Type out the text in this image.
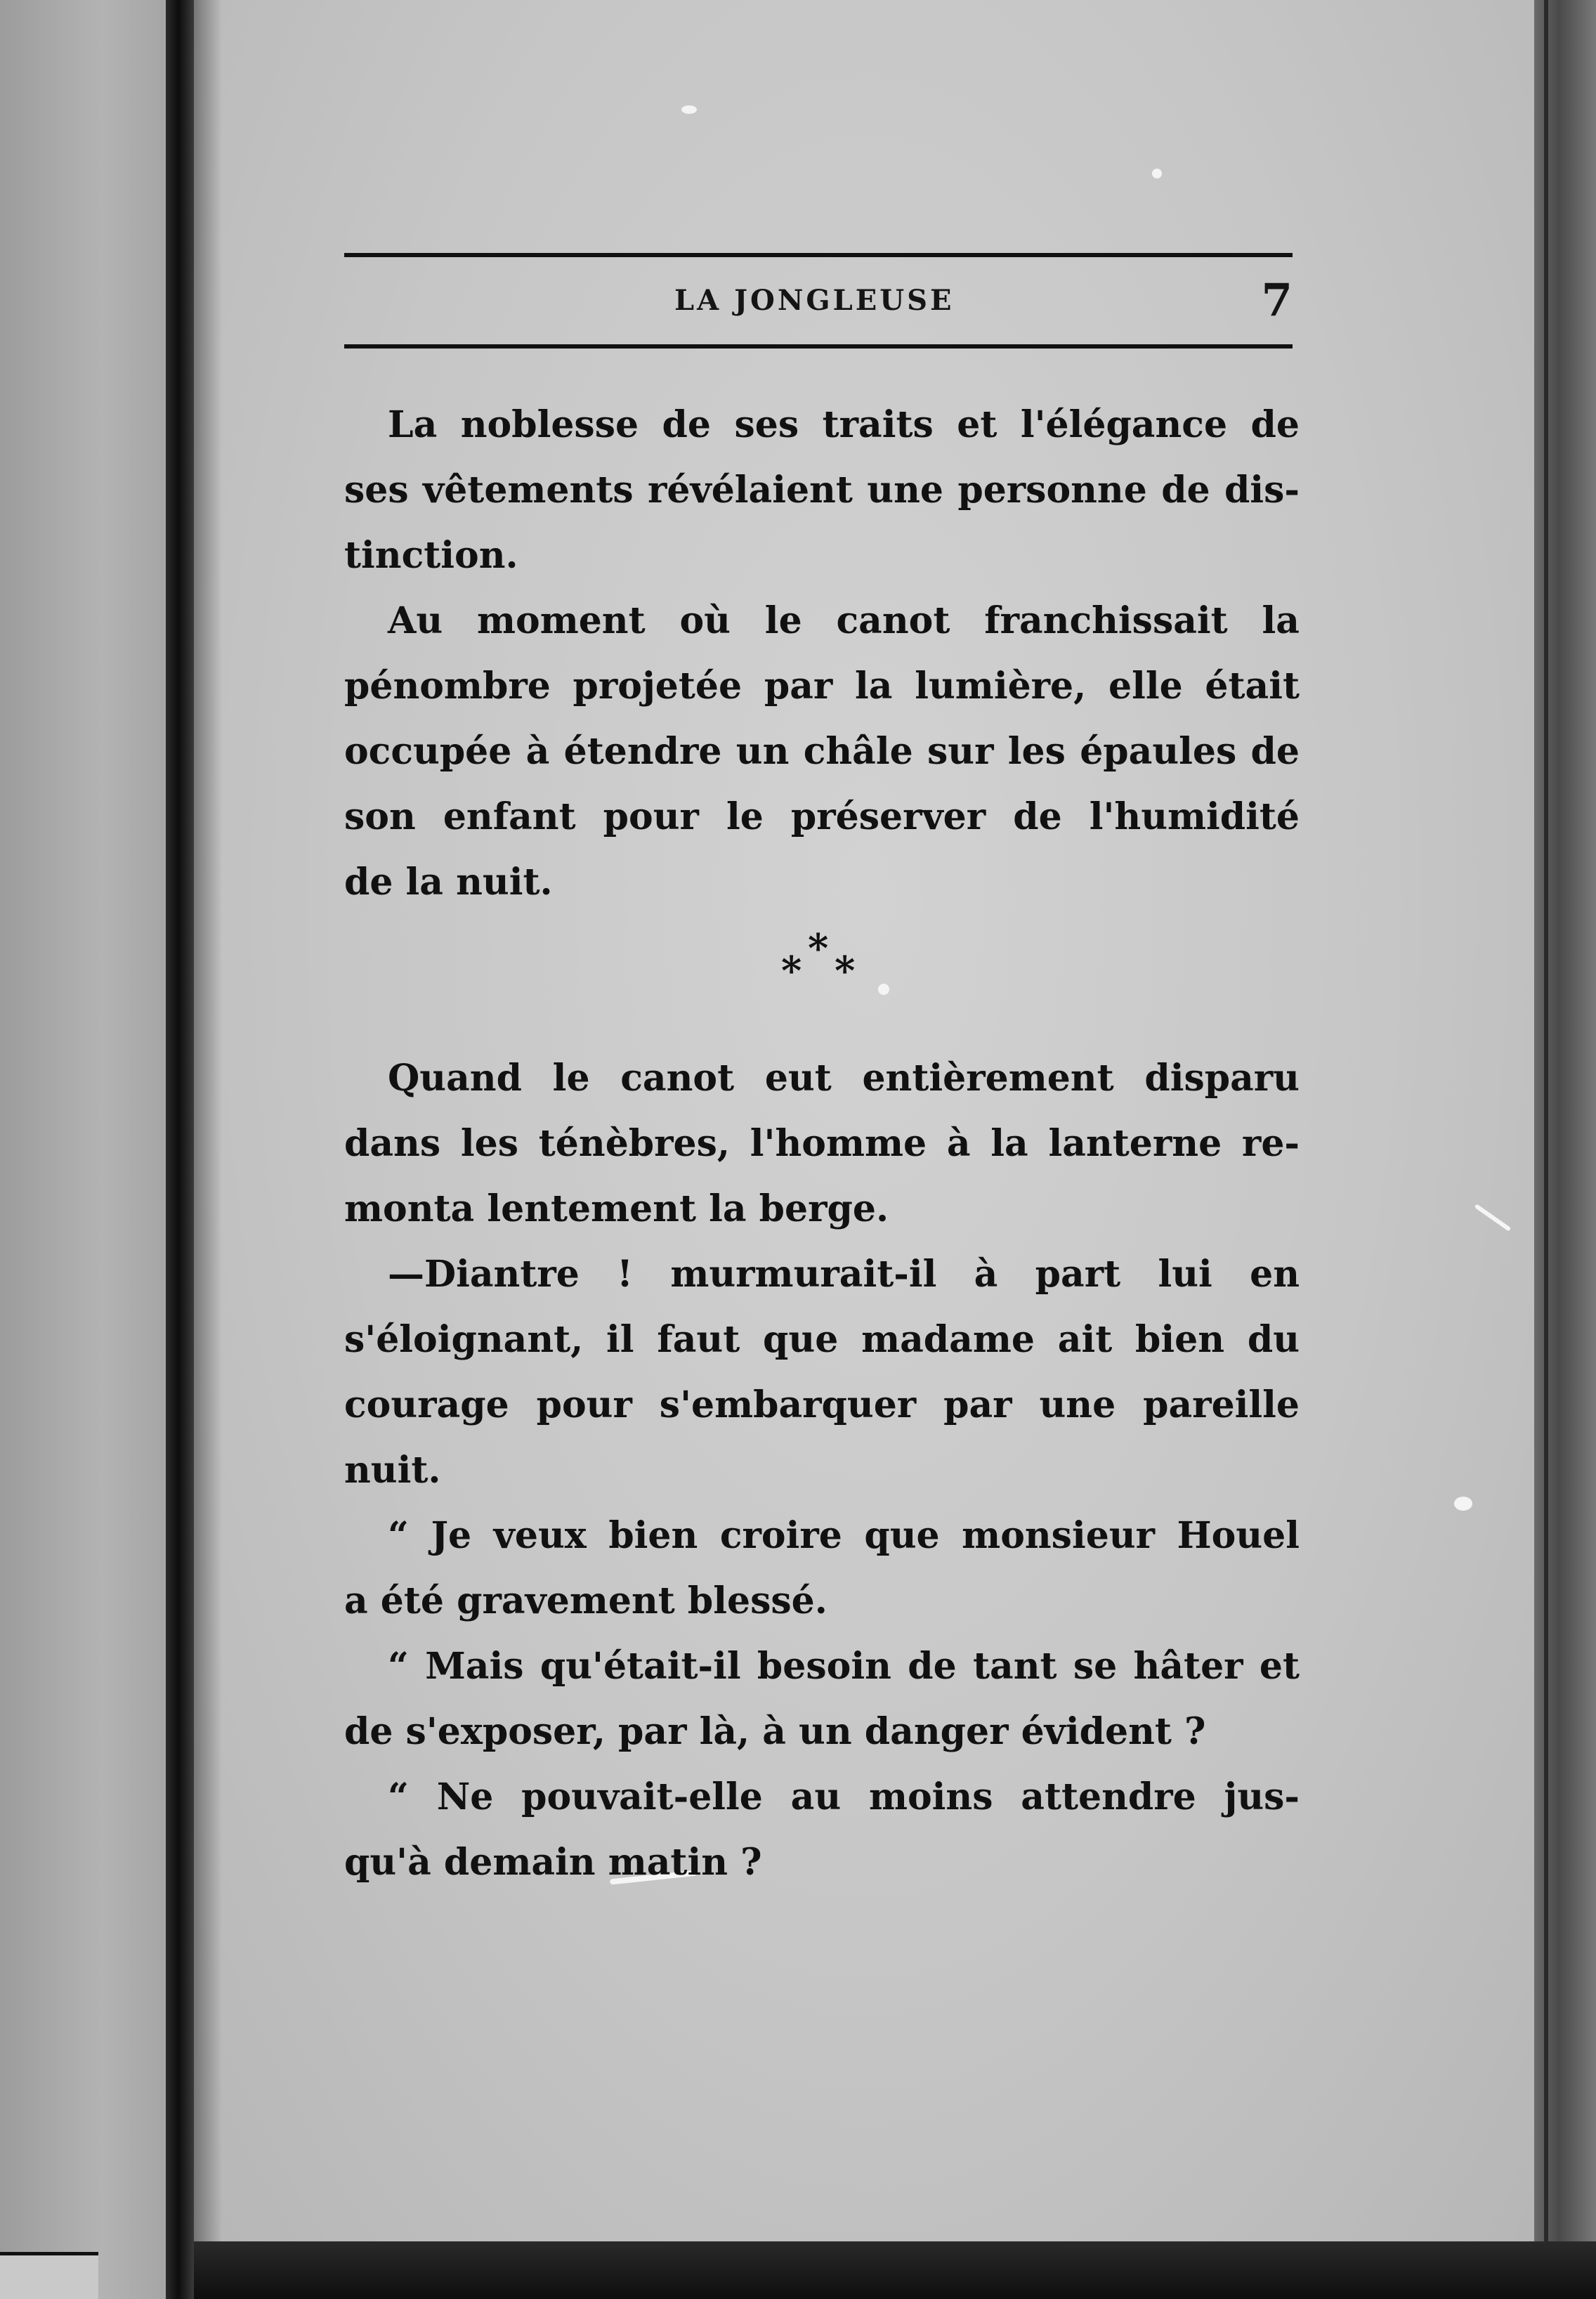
LA JONGLEUSE	7
La noblesse de ses traits et l'élégance de
ses vêtements révélaient une personne de dis-
tinction.
Au moment où le canot franchissait la
pénombre projetée par la lumière, elle était
occupée à étendre un châle sur les épaules de
son enfant pour le préserver de l'humidité
de la nuit.
*
* *
Quand le canot eut entièrement disparu
dans les ténèbres, l'homme à la lanterne re-
monta lentement la berge.
—Diantre ! murmurait-il à part lui en
s'éloignant, il faut que madame ait bien du
courage pour s'embarquer par une pareille
nuit.
“ Je veux bien croire que monsieur Houel
a été gravement blessé.
“ Mais qu'était-il besoin de tant se hâter et
de s'exposer, par là, à un danger évident ?
“ Ne pouvait-elle au moins attendre jus-
qu'à demain matin ?
